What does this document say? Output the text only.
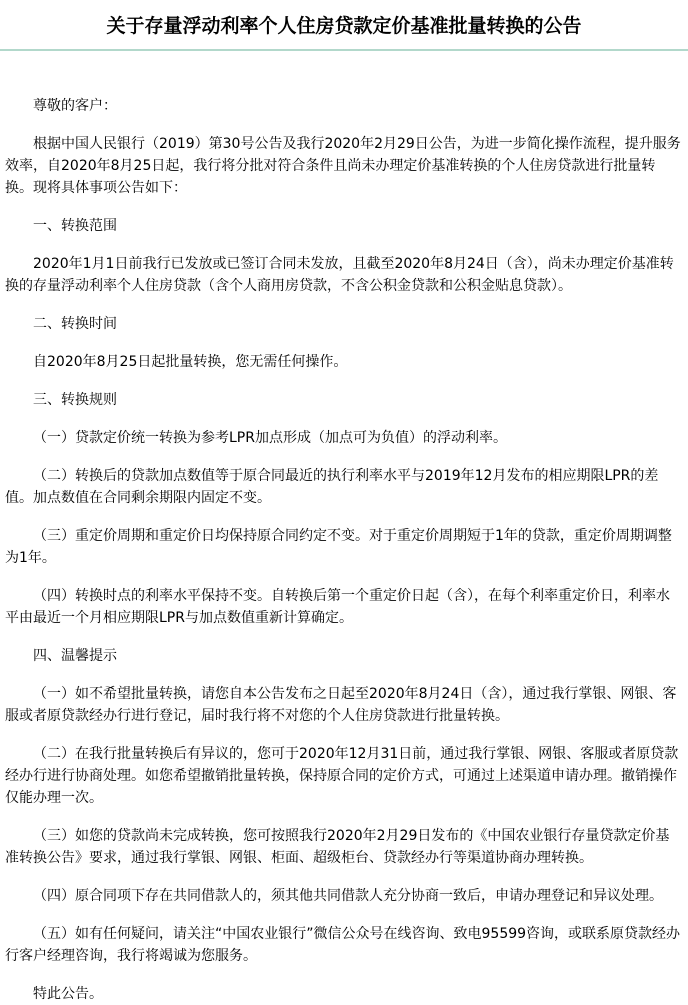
关于存量浮动利率个人住房贷款定价基准批量转换的公告

尊敬的客户：

根据中国人民银行（2019）第30号公告及我行2020年2月29日公告，为进一步简化操作流程，提升服务效率，自2020年8月25日起，我行将分批对符合条件且尚未办理定价基准转换的个人住房贷款进行批量转换。现将具体事项公告如下：

一、转换范围

2020年1月1日前我行已发放或已签订合同未发放，且截至2020年8月24日（含），尚未办理定价基准转换的存量浮动利率个人住房贷款（含个人商用房贷款，不含公积金贷款和公积金贴息贷款）。

二、转换时间

自2020年8月25日起批量转换，您无需任何操作。

三、转换规则

（一）贷款定价统一转换为参考LPR加点形成（加点可为负值）的浮动利率。

（二）转换后的贷款加点数值等于原合同最近的执行利率水平与2019年12月发布的相应期限LPR的差值。加点数值在合同剩余期限内固定不变。

（三）重定价周期和重定价日均保持原合同约定不变。对于重定价周期短于1年的贷款，重定价周期调整为1年。

（四）转换时点的利率水平保持不变。自转换后第一个重定价日起（含），在每个利率重定价日，利率水平由最近一个月相应期限LPR与加点数值重新计算确定。

四、温馨提示

（一）如不希望批量转换，请您自本公告发布之日起至2020年8月24日（含），通过我行掌银、网银、客服或者原贷款经办行进行登记，届时我行将不对您的个人住房贷款进行批量转换。

（二）在我行批量转换后有异议的，您可于2020年12月31日前，通过我行掌银、网银、客服或者原贷款经办行进行协商处理。如您希望撤销批量转换，保持原合同的定价方式，可通过上述渠道申请办理。撤销操作仅能办理一次。

（三）如您的贷款尚未完成转换，您可按照我行2020年2月29日发布的《中国农业银行存量贷款定价基准转换公告》要求，通过我行掌银、网银、柜面、超级柜台、贷款经办行等渠道协商办理转换。

（四）原合同项下存在共同借款人的，须其他共同借款人充分协商一致后，申请办理登记和异议处理。

（五）如有任何疑问，请关注“中国农业银行”微信公众号在线咨询、致电95599咨询，或联系原贷款经办行客户经理咨询，我行将竭诚为您服务。

特此公告。
